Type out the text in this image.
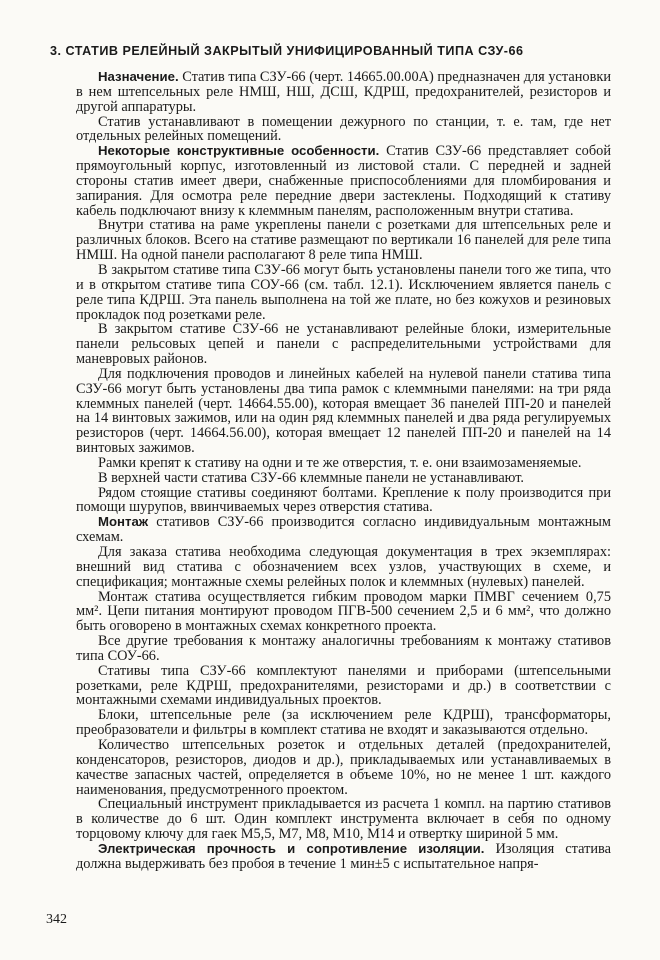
3. СТАТИВ РЕЛЕЙНЫЙ ЗАКРЫТЫЙ УНИФИЦИРОВАННЫЙ ТИПА СЗУ-66

Назначение. Статив типа СЗУ-66 (черт. 14665.00.00А) предназначен для установки в нем штепсельных реле НМШ, НШ, ДСШ, КДРШ, предохранителей, резисторов и другой аппаратуры.

Статив устанавливают в помещении дежурного по станции, т. е. там, где нет отдельных релейных помещений.

Некоторые конструктивные особенности. Статив СЗУ-66 представляет собой прямоугольный корпус, изготовленный из листовой стали. С передней и задней стороны статив имеет двери, снабженные приспособлениями для пломбирования и запирания. Для осмотра реле передние двери застеклены. Подходящий к стативу кабель подключают внизу к клеммным панелям, расположенным внутри статива.

Внутри статива на раме укреплены панели с розетками для штепсельных реле и различных блоков. Всего на стативе размещают по вертикали 16 панелей для реле типа НМШ. На одной панели располагают 8 реле типа НМШ.

В закрытом стативе типа СЗУ-66 могут быть установлены панели того же типа, что и в открытом стативе типа СОУ-66 (см. табл. 12.1). Исключением является панель с реле типа КДРШ. Эта панель выполнена на той же плате, но без кожухов и резиновых прокладок под розетками реле.

В закрытом стативе СЗУ-66 не устанавливают релейные блоки, измерительные панели рельсовых цепей и панели с распределительными устройствами для маневровых районов.

Для подключения проводов и линейных кабелей на нулевой панели статива типа СЗУ-66 могут быть установлены два типа рамок с клеммными панелями: на три ряда клеммных панелей (черт. 14664.55.00), которая вмещает 36 панелей ПП-20 и панелей на 14 винтовых зажимов, или на один ряд клеммных панелей и два ряда регулируемых резисторов (черт. 14664.56.00), которая вмещает 12 панелей ПП-20 и панелей на 14 винтовых зажимов.

Рамки крепят к стативу на одни и те же отверстия, т. е. они взаимозаменяемые.

В верхней части статива СЗУ-66 клеммные панели не устанавливают.

Рядом стоящие стативы соединяют болтами. Крепление к полу производится при помощи шурупов, ввинчиваемых через отверстия статива.

Монтаж стативов СЗУ-66 производится согласно индивидуальным монтажным схемам.

Для заказа статива необходима следующая документация в трех экземплярах: внешний вид статива с обозначением всех узлов, участвующих в схеме, и спецификация; монтажные схемы релейных полок и клеммных (нулевых) панелей.

Монтаж статива осуществляется гибким проводом марки ПМВГ сечением 0,75 мм². Цепи питания монтируют проводом ПГВ-500 сечением 2,5 и 6 мм², что должно быть оговорено в монтажных схемах конкретного проекта.

Все другие требования к монтажу аналогичны требованиям к монтажу стативов типа СОУ-66.

Стативы типа СЗУ-66 комплектуют панелями и приборами (штепсельными розетками, реле КДРШ, предохранителями, резисторами и др.) в соответствии с монтажными схемами индивидуальных проектов.

Блоки, штепсельные реле (за исключением реле КДРШ), трансформаторы, преобразователи и фильтры в комплект статива не входят и заказываются отдельно.

Количество штепсельных розеток и отдельных деталей (предохранителей, конденсаторов, резисторов, диодов и др.), прикладываемых или устанавливаемых в качестве запасных частей, определяется в объеме 10%, но не менее 1 шт. каждого наименования, предусмотренного проектом.

Специальный инструмент прикладывается из расчета 1 компл. на партию стативов в количестве до 6 шт. Один комплект инструмента включает в себя по одному торцовому ключу для гаек М5,5, М7, М8, М10, М14 и отвертку шириной 5 мм.

Электрическая прочность и сопротивление изоляции. Изоляция статива должна выдерживать без пробоя в течение 1 мин±5 с испытательное напря-

342
